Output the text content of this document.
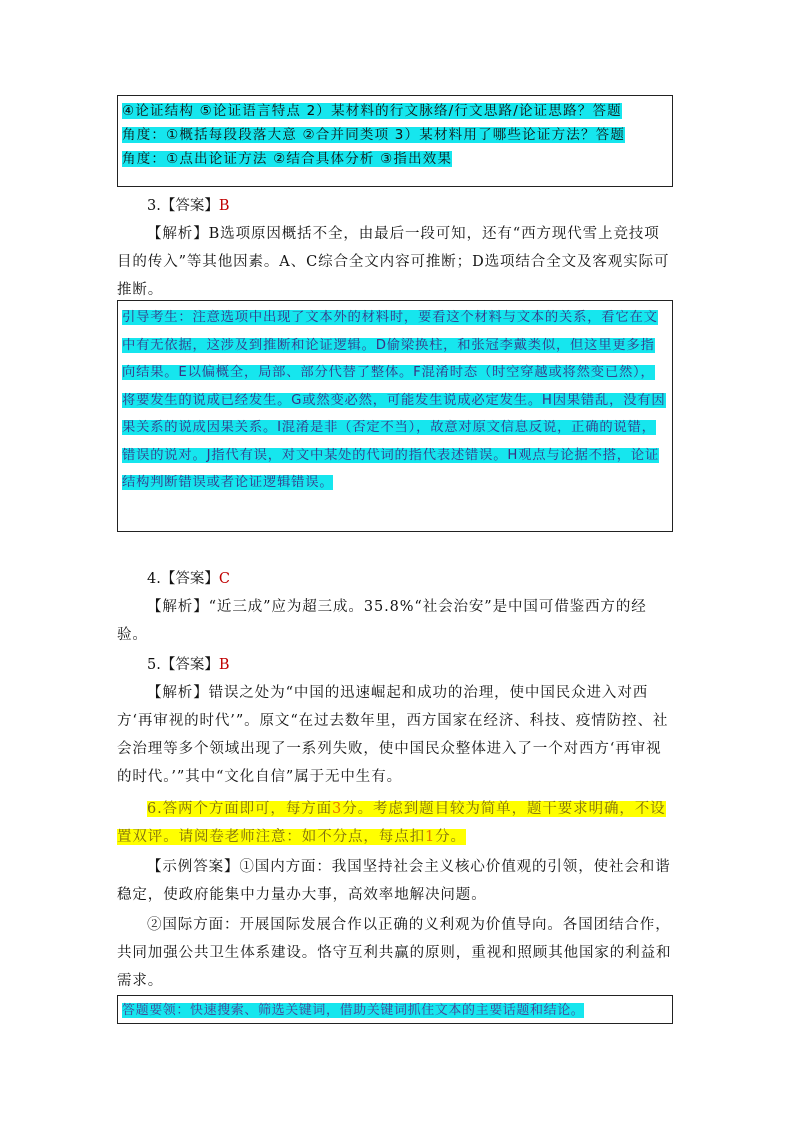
④论证结构 ⑤论证语言特点 2）某材料的行文脉络/行文思路/论证思路？答题
角度：①概括每段段落大意 ②合并同类项 3）某材料用了哪些论证方法？答题
角度：①点出论证方法 ②结合具体分析 ③指出效果
3.【答案】B
【解析】B选项原因概括不全，由最后一段可知，还有“西方现代雪上竞技项目的传入”等其他因素。A、C综合全文内容可推断；D选项结合全文及客观实际可推断。
引导考生：注意选项中出现了文本外的材料时，要看这个材料与文本的关系，看它在文中有无依据，这涉及到推断和论证逻辑。D偷梁换柱，和张冠李戴类似，但这里更多指向结果。E以偏概全，局部、部分代替了整体。F混淆时态（时空穿越或将然变已然），将要发生的说成已经发生。G或然变必然，可能发生说成必定发生。H因果错乱，没有因果关系的说成因果关系。I混淆是非（否定不当），故意对原文信息反说，正确的说错，错误的说对。J指代有误，对文中某处的代词的指代表述错误。H观点与论据不搭，论证结构判断错误或者论证逻辑错误。
4.【答案】C
【解析】“近三成”应为超三成。35.8%“社会治安”是中国可借鉴西方的经验。
5.【答案】B
【解析】错误之处为“中国的迅速崛起和成功的治理，使中国民众进入对西方‘再审视的时代’”。原文“在过去数年里，西方国家在经济、科技、疫情防控、社会治理等多个领域出现了一系列失败，使中国民众整体进入了一个对西方‘再审视的时代。’”其中“文化自信”属于无中生有。
6.答两个方面即可，每方面3分。考虑到题目较为简单，题干要求明确，不设置双评。请阅卷老师注意：如不分点，每点扣1分。
【示例答案】①国内方面：我国坚持社会主义核心价值观的引领，使社会和谐稳定，使政府能集中力量办大事，高效率地解决问题。
②国际方面：开展国际发展合作以正确的义利观为价值导向。各国团结合作，共同加强公共卫生体系建设。恪守互利共赢的原则，重视和照顾其他国家的利益和需求。
答题要领：快速搜索、筛选关键词，借助关键词抓住文本的主要话题和结论。
